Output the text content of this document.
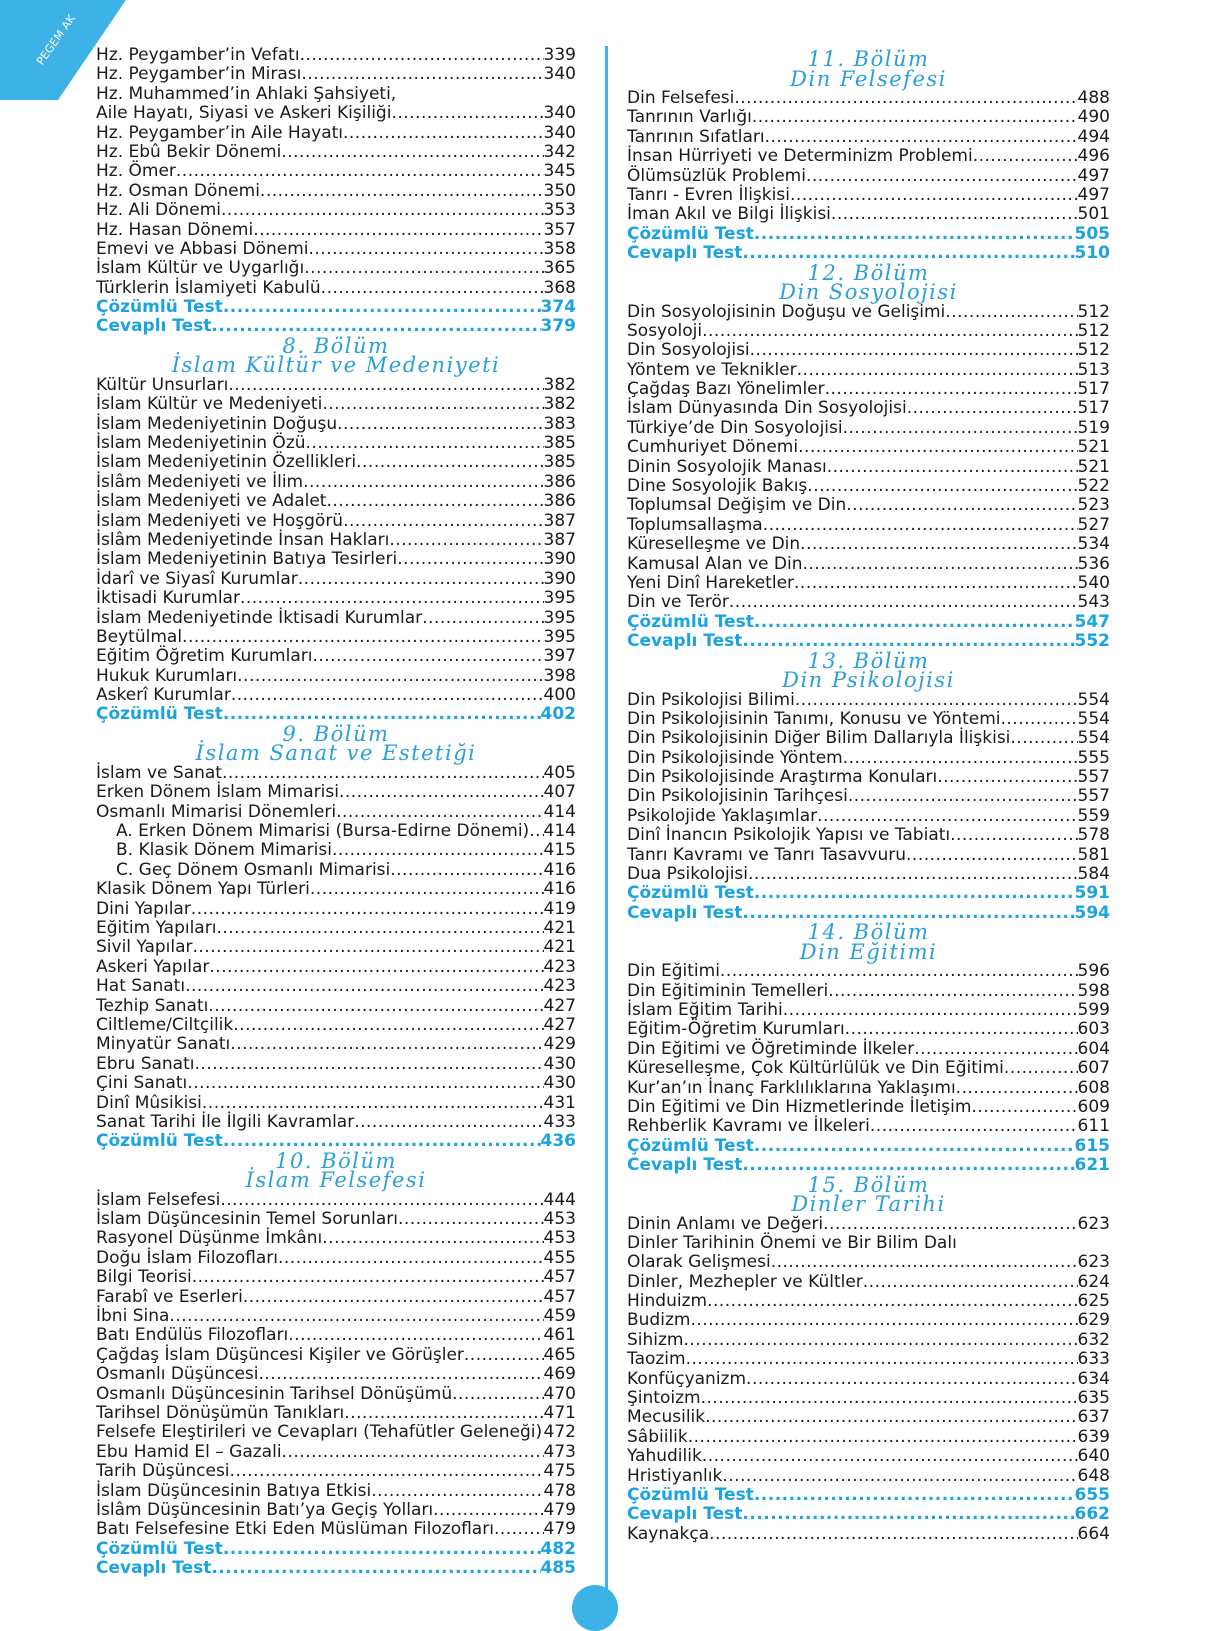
PEGEM AK Hz. Peygamber’in Vefatı .....	339
Hz. Peygamber’in Mirası .....	340
Hz. Muhammed’in Ahlaki Şahsiyeti,
Aile Hayatı, Siyasi ve Askeri Kişiliği .....	340
Hz. Peygamber’in Aile Hayatı .....	340
Hz. Ebû Bekir Dönemi .....	342
Hz. Ömer .....	345
Hz. Osman Dönemi .....	350
Hz. Ali Dönemi .....	353
Hz. Hasan Dönemi .....	357
Emevi ve Abbasi Dönemi .....	358
İslam Kültür ve Uygarlığı .....	365
Türklerin İslamiyeti Kabulü .....	368
Çözümlü Test .....	374
Cevaplı Test .....	379
8. Bölüm
İslam Kültür ve Medeniyeti
Kültür Unsurları .....	382
İslam Kültür ve Medeniyeti .....	382
İslam Medeniyetinin Doğuşu .....	383
İslam Medeniyetinin Özü .....	385
İslam Medeniyetinin Özellikleri .....	385
İslâm Medeniyeti ve İlim .....	386
İslam Medeniyeti ve Adalet .....	386
İslam Medeniyeti ve Hoşgörü .....	387
İslâm Medeniyetinde İnsan Hakları .....	387
İslam Medeniyetinin Batıya Tesirleri .....	390
İdarî ve Siyasî Kurumlar .....	390
İktisadi Kurumlar .....	395
İslam Medeniyetinde İktisadi Kurumlar .....	395
Beytülmal .....	395
Eğitim Öğretim Kurumları .....	397
Hukuk Kurumları .....	398
Askerî Kurumlar .....	400
Çözümlü Test .....	402
9. Bölüm
İslam Sanat ve Estetiği
İslam ve Sanat .....	405
Erken Dönem İslam Mimarisi .....	407
Osmanlı Mimarisi Dönemleri .....	414
A. Erken Dönem Mimarisi (Bursa-Edirne Dönemi) ..... 414
B. Klasik Dönem Mimarisi .....	415
C. Geç Dönem Osmanlı Mimarisi .....	416
Klasik Dönem Yapı Türleri .....	416
Dini Yapılar .....	419
Eğitim Yapıları .....	421
Sivil Yapılar .....	421
Askeri Yapılar .....	423
Hat Sanatı .....	423
Tezhip Sanatı .....	427
Ciltleme/Ciltçilik .....	427
Minyatür Sanatı .....	429
Ebru Sanatı .....	430
Çini Sanatı .....	430
Dinî Mûsikisi .....	431
Sanat Tarihi İle İlgili Kavramlar .....	433
Çözümlü Test .....	436
10. Bölüm
İslam Felsefesi
İslam Felsefesi .....	444
İslam Düşüncesinin Temel Sorunları .....	453
Rasyonel Düşünme İmkânı .....	453
Doğu İslam Filozofları .....	455
Bilgi Teorisi .....	457
Farabî ve Eserleri .....	457
İbni Sina .....	459
Batı Endülüs Filozofları .....	461
Çağdaş İslam Düşüncesi Kişiler ve Görüşler .....	465
Osmanlı Düşüncesi .....	469
Osmanlı Düşüncesinin Tarihsel Dönüşümü .....	470
Tarihsel Dönüşümün Tanıkları .....	471
Felsefe Eleştirileri ve Cevapları (Tehafütler Geleneği) ..... 472
Ebu Hamid El – Gazali .....	473
Tarih Düşüncesi .....	475
İslam Düşüncesinin Batıya Etkisi .....	478
İslâm Düşüncesinin Batı’ya Geçiş Yolları .....	479
Batı Felsefesine Etki Eden Müslüman Filozofları .....	479
Çözümlü Test .....	482
Cevaplı Test .....	485
11. Bölüm
Din Felsefesi
Din Felsefesi .....	488
Tanrının Varlığı .....	490
Tanrının Sıfatları .....	494
İnsan Hürriyeti ve Determinizm Problemi .....	496
Ölümsüzlük Problemi .....	497
Tanrı - Evren İlişkisi .....	497
İman Akıl ve Bilgi İlişkisi .....	501
Çözümlü Test .....	505
Cevaplı Test .....	510
12. Bölüm
Din Sosyolojisi
Din Sosyolojisinin Doğuşu ve Gelişimi .....	512
Sosyoloji .....	512
Din Sosyolojisi .....	512
Yöntem ve Teknikler .....	513
Çağdaş Bazı Yönelimler .....	517
İslam Dünyasında Din Sosyolojisi .....	517
Türkiye’de Din Sosyolojisi .....	519
Cumhuriyet Dönemi .....	521
Dinin Sosyolojik Manası .....	521
Dine Sosyolojik Bakış .....	522
Toplumsal Değişim ve Din .....	523
Toplumsallaşma .....	527
Küreselleşme ve Din .....	534
Kamusal Alan ve Din .....	536
Yeni Dinî Hareketler .....	540
Din ve Terör .....	543
Çözümlü Test .....	547
Cevaplı Test .....	552
13. Bölüm
Din Psikolojisi
Din Psikolojisi Bilimi .....	554
Din Psikolojisinin Tanımı, Konusu ve Yöntemi .....	554
Din Psikolojisinin Diğer Bilim Dallarıyla İlişkisi .....	554
Din Psikolojisinde Yöntem .....	555
Din Psikolojisinde Araştırma Konuları .....	557
Din Psikolojisinin Tarihçesi .....	557
Psikolojide Yaklaşımlar .....	559
Dinî İnancın Psikolojik Yapısı ve Tabiatı .....	578
Tanrı Kavramı ve Tanrı Tasavvuru .....	581
Dua Psikolojisi .....	584
Çözümlü Test .....	591
Cevaplı Test .....	594
14. Bölüm
Din Eğitimi
Din Eğitimi .....	596
Din Eğitiminin Temelleri .....	598
İslam Eğitim Tarihi .....	599
Eğitim-Öğretim Kurumları .....	603
Din Eğitimi ve Öğretiminde İlkeler .....	604
Küreselleşme, Çok Kültürlülük ve Din Eğitimi .....	607
Kur’an’ın İnanç Farklılıklarına Yaklaşımı .....	608
Din Eğitimi ve Din Hizmetlerinde İletişim .....	609
Rehberlik Kavramı ve İlkeleri .....	611
Çözümlü Test .....	615
Cevaplı Test .....	621
15. Bölüm
Dinler Tarihi
Dinin Anlamı ve Değeri .....	623
Dinler Tarihinin Önemi ve Bir Bilim Dalı
Olarak Gelişmesi .....	623
Dinler, Mezhepler ve Kültler .....	624
Hinduizm .....	625
Budizm .....	629
Sihizm .....	632
Taozim .....	633
Konfüçyanizm .....	634
Şintoizm .....	635
Mecusilik .....	637
Sâbiilik .....	639
Yahudilik .....	640
Hristiyanlık .....	648
Çözümlü Test .....	655
Cevaplı Test .....	662
Kaynakça .....	664
